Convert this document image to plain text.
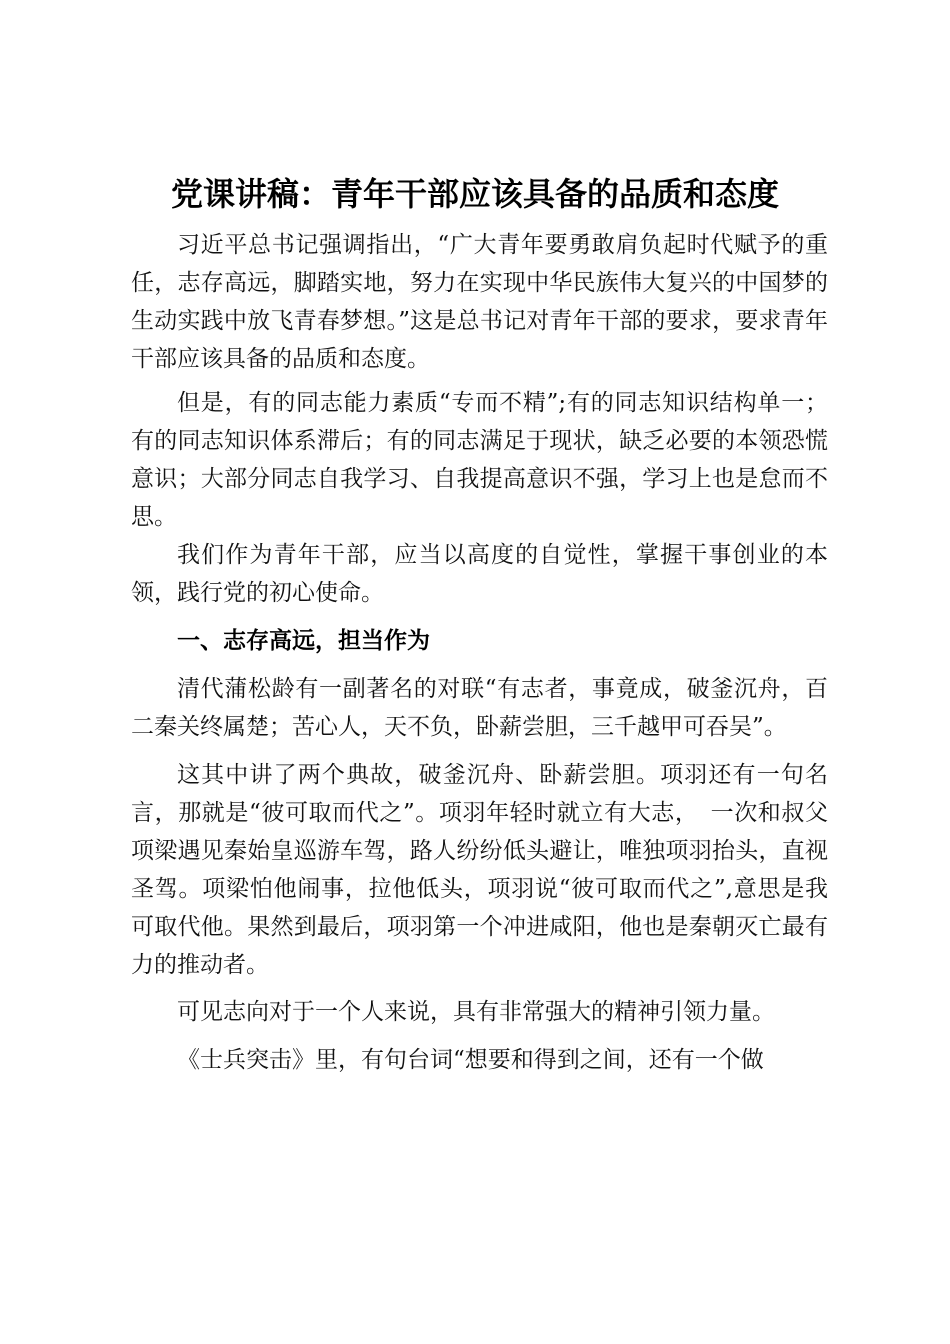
党课讲稿：青年干部应该具备的品质和态度

习近平总书记强调指出，“广大青年要勇敢肩负起时代赋予的重任，志存高远，脚踏实地，努力在实现中华民族伟大复兴的中国梦的生动实践中放飞青春梦想。”这是总书记对青年干部的要求，要求青年干部应该具备的品质和态度。

但是，有的同志能力素质“专而不精”;有的同志知识结构单一；有的同志知识体系滞后；有的同志满足于现状，缺乏必要的本领恐慌意识；大部分同志自我学习、自我提高意识不强，学习上也是怠而不思。

我们作为青年干部，应当以高度的自觉性，掌握干事创业的本领，践行党的初心使命。

一、志存高远，担当作为

清代蒲松龄有一副著名的对联“有志者，事竟成，破釜沉舟，百二秦关终属楚；苦心人，天不负，卧薪尝胆，三千越甲可吞吴”。

这其中讲了两个典故，破釜沉舟、卧薪尝胆。项羽还有一句名言，那就是“彼可取而代之”。项羽年轻时就立有大志，　一次和叔父项梁遇见秦始皇巡游车驾，路人纷纷低头避让，唯独项羽抬头，直视圣驾。项梁怕他闹事，拉他低头，项羽说“彼可取而代之”,意思是我可取代他。果然到最后，项羽第一个冲进咸阳，他也是秦朝灭亡最有力的推动者。

可见志向对于一个人来说，具有非常强大的精神引领力量。

《士兵突击》里，有句台词“想要和得到之间，还有一个做
